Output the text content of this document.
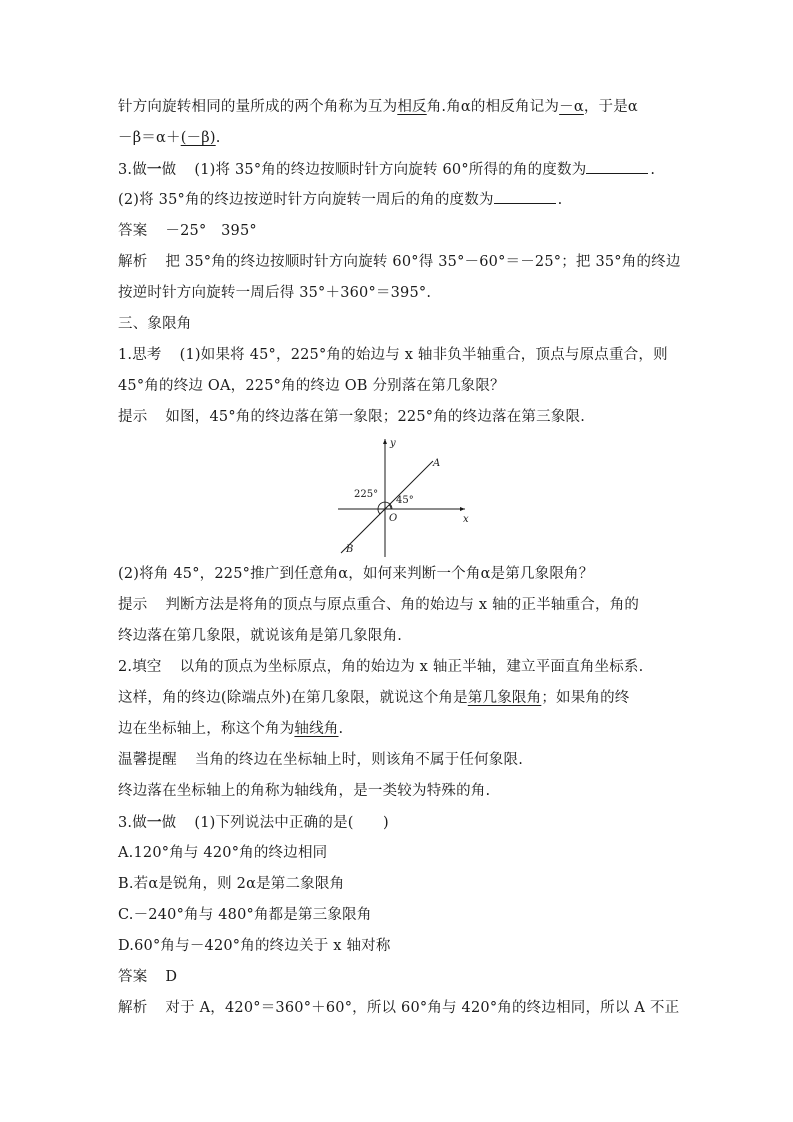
针方向旋转相同的量所成的两个角称为互为相反角.角α的相反角记为－α，于是α
－β＝α＋(－β).
3.做一做 (1)将 35°角的终边按顺时针方向旋转 60°所得的角的度数为	.
(2)将 35°角的终边按逆时针方向旋转一周后的角的度数为	.
答案 －25°　395°
解析 把 35°角的终边按顺时针方向旋转 60°得 35°－60°＝－25°；把 35°角的终边
按逆时针方向旋转一周后得 35°＋360°＝395°.
三、象限角
1.思考 (1)如果将 45°，225°角的始边与 x 轴非负半轴重合，顶点与原点重合，则
45°角的终边 OA，225°角的终边 OB 分别落在第几象限？
提示 如图，45°角的终边落在第一象限；225°角的终边落在第三象限.
y
x
A
B
O
225°
45°
(2)将角 45°，225°推广到任意角α，如何来判断一个角α是第几象限角？
提示 判断方法是将角的顶点与原点重合、角的始边与 x 轴的正半轴重合，角的
终边落在第几象限，就说该角是第几象限角.
2.填空 以角的顶点为坐标原点，角的始边为 x 轴正半轴，建立平面直角坐标系.
这样，角的终边(除端点外)在第几象限，就说这个角是第几象限角；如果角的终
边在坐标轴上，称这个角为轴线角.
温馨提醒 当角的终边在坐标轴上时，则该角不属于任何象限.
终边落在坐标轴上的角称为轴线角，是一类较为特殊的角.
3.做一做 (1)下列说法中正确的是(　　)
A.120°角与 420°角的终边相同
B.若α是锐角，则 2α是第二象限角
C.－240°角与 480°角都是第三象限角
D.60°角与－420°角的终边关于 x 轴对称
答案 D
解析 对于 A，420°＝360°＋60°，所以 60°角与 420°角的终边相同，所以 A 不正
